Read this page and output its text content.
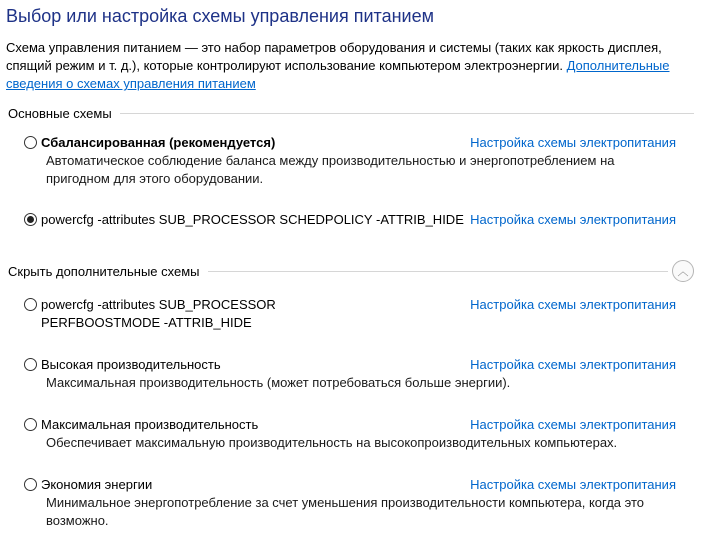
Выбор или настройка схемы управления питанием
Схема управления питанием — это набор параметров оборудования и системы (таких как яркость дисплея, спящий режим и т. д.), которые контролируют использование компьютером электроэнергии. Дополнительные сведения о схемах управления питанием
Основные схемы
Сбалансированная (рекомендуется)
Автоматическое соблюдение баланса между производительностью и энергопотреблением на пригодном для этого оборудовании.
Настройка схемы электропитания
powercfg -attributes SUB_PROCESSOR SCHEDPOLICY -ATTRIB_HIDE Настройка схемы электропитания
Скрыть дополнительные схемы	︿
powercfg -attributes SUB_PROCESSOR PERFBOOSTMODE -ATTRIB_HIDE
Настройка схемы электропитания
Высокая производительность
Максимальная производительность (может потребоваться больше энергии).
Настройка схемы электропитания
Максимальная производительность
Обеспечивает максимальную производительность на высокопроизводительных компьютерах.
Настройка схемы электропитания
Экономия энергии
Минимальное энергопотребление за счет уменьшения производительности компьютера, когда это возможно.
Настройка схемы электропитания
